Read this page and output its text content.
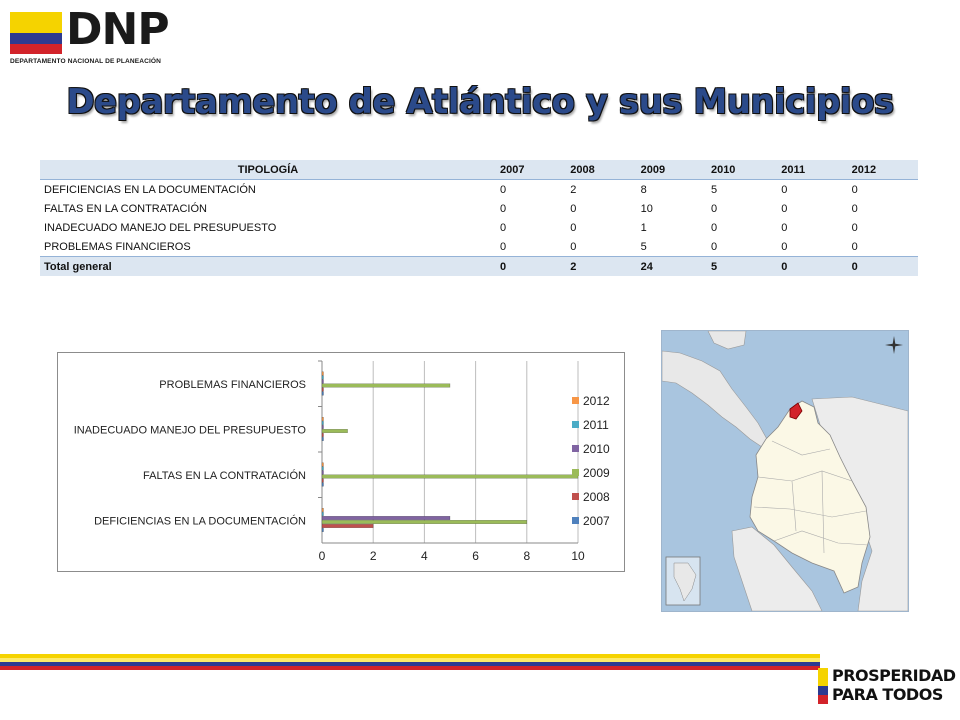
DNP
DEPARTAMENTO NACIONAL DE PLANEACIÓN
Departamento de Atlántico y sus Municipios
TIPOLOGÍA	2007	2008	2009	2010	2011	2012
DEFICIENCIAS EN LA DOCUMENTACIÓN	0	2	8	5	0	0
FALTAS EN LA CONTRATACIÓN	0	0	10	0	0	0
INADECUADO MANEJO DEL PRESUPUESTO	0	0	1	0	0	0
PROBLEMAS FINANCIEROS	0	0	5	0	0	0
Total general	0	2	24	5	0	0
0	2	4	6	8	10
DEFICIENCIAS EN LA DOCUMENTACIÓN
FALTAS EN LA CONTRATACIÓN
INADECUADO MANEJO DEL PRESUPUESTO
PROBLEMAS FINANCIEROS
2012
2011
2010
2009
2008
2007
PROSPERIDAD
PARA TODOS
